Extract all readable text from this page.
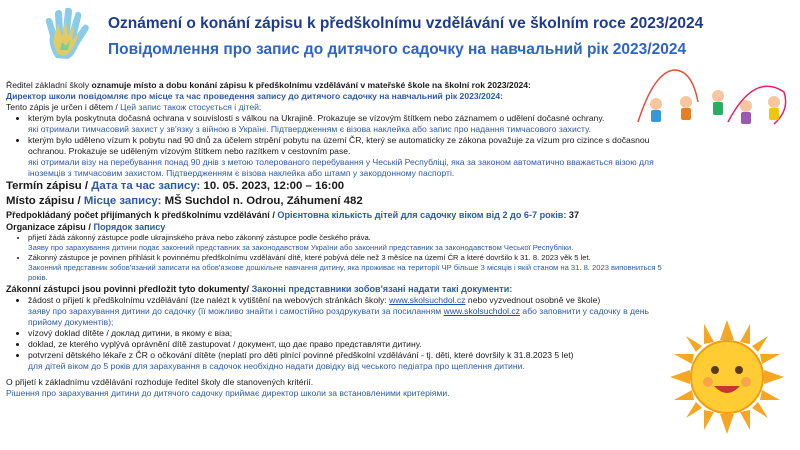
Oznámení o konání zápisu k předškolnímu vzdělávání ve školním roce 2023/2024
Повідомлення про запис до дитячого садочку на навчальний рік 2023/2024

Ředitel základní školy oznamuje místo a dobu konání zápisu k předškolnímu vzdělávání v mateřské škole na školní rok 2023/2024:

Директор школи повідомляє про місце та час проведення запису до дитячого садочку на навчальний рік 2023/2024:

Tento zápis je určen i dětem / Цей запис також стосується і дітей:

• kterým byla poskytnuta dočasná ochrana v souvislosti s válkou na Ukrajině. Prokazuje se vízovým štítkem nebo záznamem o udělení dočasné ochrany.
які отримали тимчасовий захист у зв'язку з війною в Україні. Підтвердженням є візова наклейка або запис про надання тимчасового захисту.
• kterým bylo uděleno vízum k pobytu nad 90 dnů za účelem strpění pobytu na území ČR, který se automaticky ze zákona považuje za vízum pro cizince s dočasnou ochranou. Prokazuje se uděleným vízovým štítkem nebo razítkem v cestovním pase.
які отримали візу на перебування понад 90 днів з метою толерованого перебування у Чеській Республіці, яка за законом автоматично вважається візою для іноземців з тимчасовим захистом. Підтвердженням є візова наклейка або штамп у закордонному паспорті.

Termín zápisu / Дата та час запису: 10. 05. 2023, 12:00 – 16:00

Místo zápisu / Місце запису: MŠ Suchdol n. Odrou, Záhumení 482

Předpokládaný počet přijímaných k předškolnímu vzdělávání / Орієнтовна кількість дітей для садочку віком від 2 до 6-7 років: 37

Organizace zápisu / Порядок запису

• přijetí žádá zákonný zástupce podle ukrajinského práva nebo zákonný zástupce podle českého práva.
Заяву про зарахування дитини подає законний представник за законодавством України або законний представник за законодавством Чеської Республіки.
• Zákonný zástupce je povinen přihlásit k povinnému předškolnímu vzdělávání dítě, které pobývá déle než 3 měsíce na území ČR a které dovršilo k 31. 8. 2023 věk 5 let.
Законний представник зобов'язаний записати на обов'язкове дошкільне навчання дитину, яка проживає на території ЧР більше 3 місяців і якій станом на 31. 8. 2023 виповниться 5 років.

Zákonní zástupci jsou povinni předložit tyto dokumenty/ Законні представники зобов'язані надати такі документи:

• žádost o přijetí k předškolnímu vzdělávání (lze nalézt k vytištění na webových stránkách školy: www.skolsuchdol.cz nebo vyzvednout osobně ve škole)
заяву про зарахування дитини до садочку (її можливо знайти і самостійно роздрукувати за посиланням www.skolsuchdol.cz або заповнити у садочку в день прийому документів);
• vízový doklad dítěte / доклад дитини, в якому є віза;
• doklad, ze kterého vyplývá oprávnění dítě zastupovat / документ, що дає право представляти дитину.
• potvrzení dětského lékaře z ČR o očkování dítěte (neplatí pro děti plnící povinné předškolní vzdělávání - tj. děti, které dovršily k 31.8.2023 5 let)
для дітей віком до 5 років для зарахування в садочок необхідно надати довідку від чеського педіатра про щеплення дитини.

O přijetí k základnímu vzdělávání rozhoduje ředitel školy dle stanovených kritérií.

Рішення про зарахування дитини до дитячого садочку приймає директор школи за встановленими критеріями.
